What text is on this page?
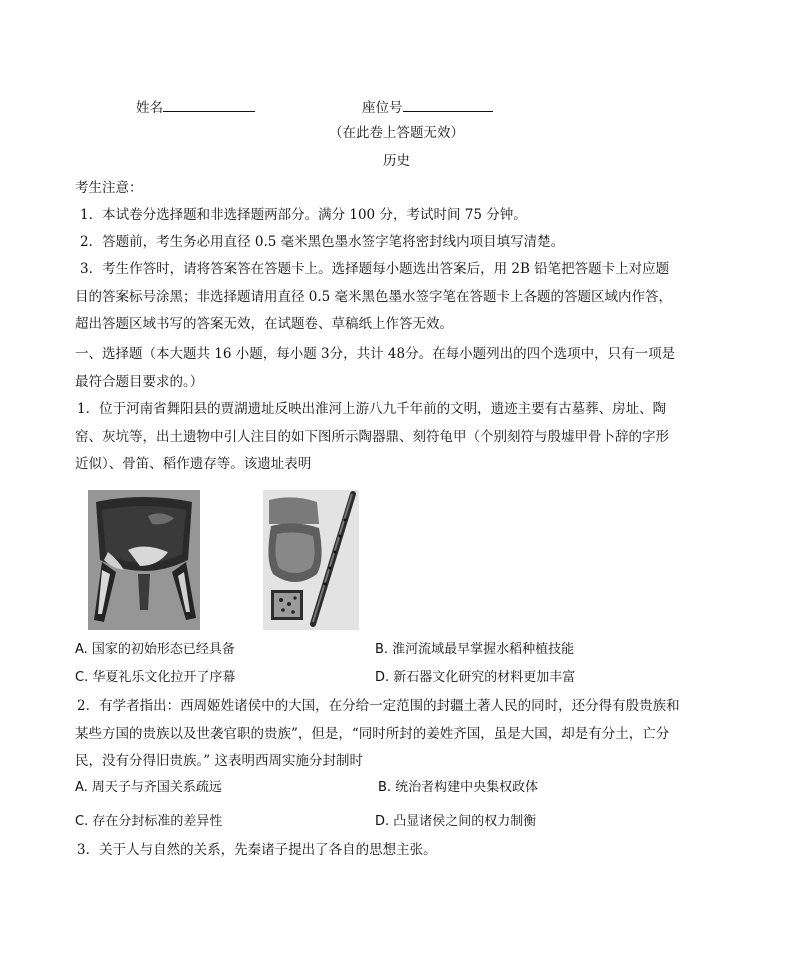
姓名	座位号
（在此卷上答题无效）
历史
考生注意：
1．本试卷分选择题和非选择题两部分。满分 100 分，考试时间 75 分钟。
2．答题前，考生务必用直径 0.5 毫米黑色墨水签字笔将密封线内项目填写清楚。
3．考生作答时，请将答案答在答题卡上。选择题每小题选出答案后，用 2B 铅笔把答题卡上对应题目的答案标号涂黑；非选择题请用直径 0.5 毫米黑色墨水签字笔在答题卡上各题的答题区域内作答，超出答题区域书写的答案无效，在试题卷、草稿纸上作答无效。
一、选择题（本大题共 16 小题，每小题 3分，共计 48分。在每小题列出的四个选项中，只有一项是最符合题目要求的。）
1．位于河南省舞阳县的贾湖遗址反映出淮河上游八九千年前的文明，遗迹主要有古墓葬、房址、陶窑、灰坑等，出土遗物中引人注目的如下图所示陶器鼎、刻符龟甲（个别刻符与殷墟甲骨卜辞的字形近似）、骨笛、稻作遗存等。该遗址表明
A. 国家的初始形态已经具备	B. 淮河流域最早掌握水稻种植技能
C. 华夏礼乐文化拉开了序幕	D. 新石器文化研究的材料更加丰富
2．有学者指出：西周姬姓诸侯中的大国，在分给一定范围的封疆土著人民的同时，还分得有殷贵族和某些方国的贵族以及世袭官职的贵族”，但是，“同时所封的姜姓齐国，虽是大国，却是有分土，亡分民，没有分得旧贵族。” 这表明西周实施分封制时
A. 周天子与齐国关系疏远	B. 统治者构建中央集权政体
C. 存在分封标准的差异性	D. 凸显诸侯之间的权力制衡
3．关于人与自然的关系，先秦诸子提出了各自的思想主张。
